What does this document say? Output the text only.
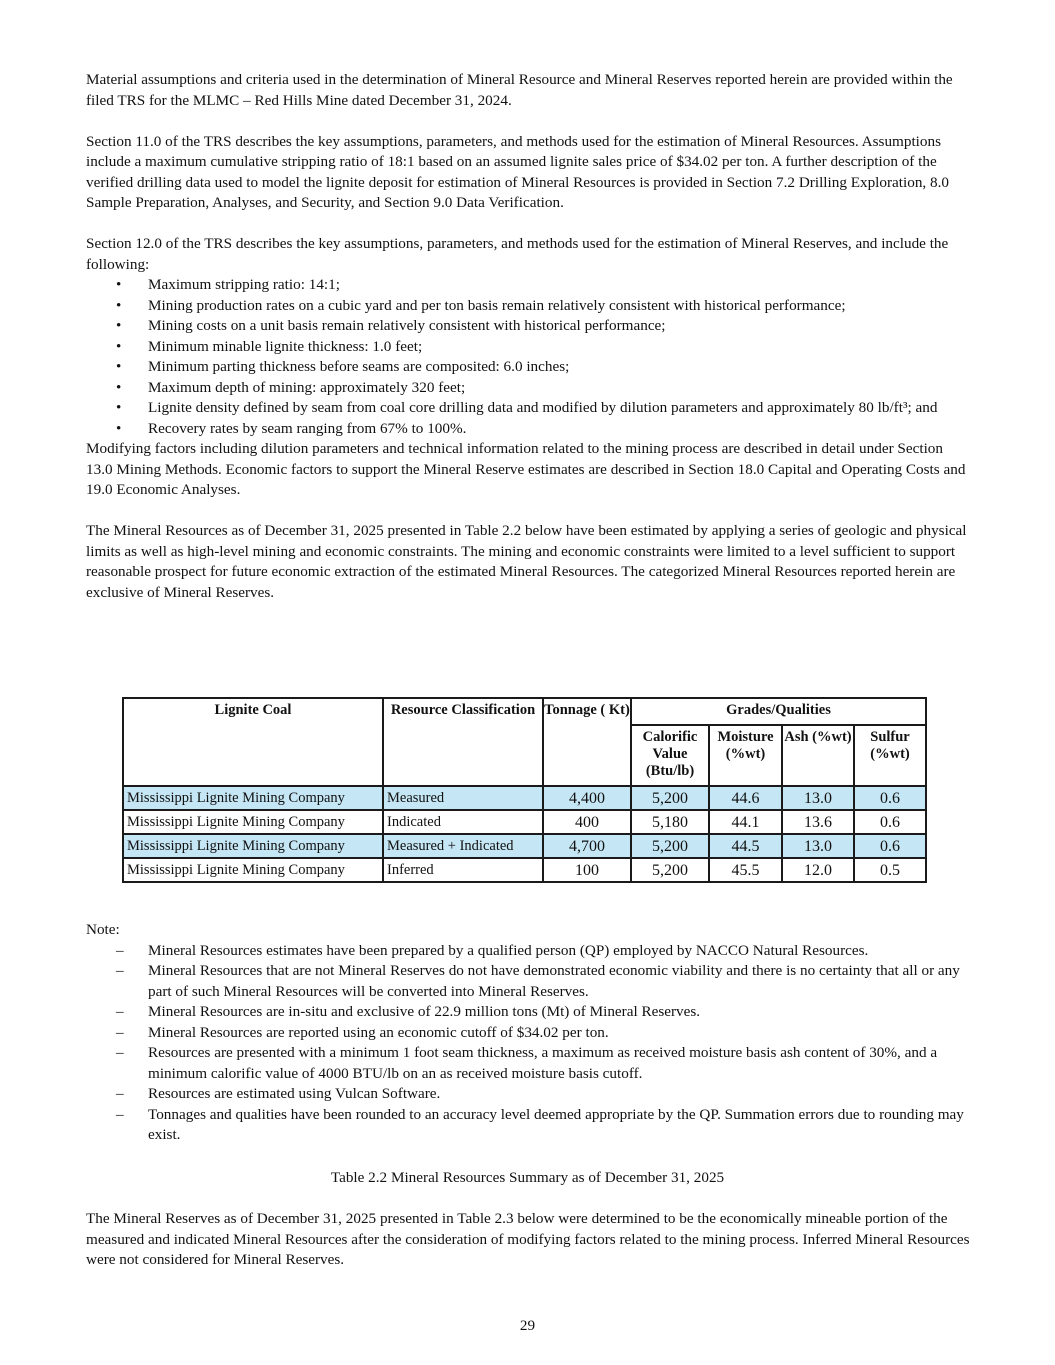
Material assumptions and criteria used in the determination of Mineral Resource and Mineral Reserves reported herein are provided within the filed TRS for the MLMC – Red Hills Mine dated December 31, 2024.

Section 11.0 of the TRS describes the key assumptions, parameters, and methods used for the estimation of Mineral Resources. Assumptions include a maximum cumulative stripping ratio of 18:1 based on an assumed lignite sales price of $34.02 per ton. A further description of the verified drilling data used to model the lignite deposit for estimation of Mineral Resources is provided in Section 7.2 Drilling Exploration, 8.0 Sample Preparation, Analyses, and Security, and Section 9.0 Data Verification.

Section 12.0 of the TRS describes the key assumptions, parameters, and methods used for the estimation of Mineral Reserves, and include the following:

• Maximum stripping ratio: 14:1;
• Mining production rates on a cubic yard and per ton basis remain relatively consistent with historical performance;
• Mining costs on a unit basis remain relatively consistent with historical performance;
• Minimum minable lignite thickness: 1.0 feet;
• Minimum parting thickness before seams are composited: 6.0 inches;
• Maximum depth of mining: approximately 320 feet;
• Lignite density defined by seam from coal core drilling data and modified by dilution parameters and approximately 80 lb/ft³; and
• Recovery rates by seam ranging from 67% to 100%.

Modifying factors including dilution parameters and technical information related to the mining process are described in detail under Section 13.0 Mining Methods. Economic factors to support the Mineral Reserve estimates are described in Section 18.0 Capital and Operating Costs and 19.0 Economic Analyses.

The Mineral Resources as of December 31, 2025 presented in Table 2.2 below have been estimated by applying a series of geologic and physical limits as well as high-level mining and economic constraints. The mining and economic constraints were limited to a level sufficient to support reasonable prospect for future economic extraction of the estimated Mineral Resources. The categorized Mineral Resources reported herein are exclusive of Mineral Reserves.

Lignite Coal	Resource Classification	Tonnage ( Kt)	Grades/Qualities			
			Calorific Value (Btu/lb)	Moisture (%wt)	Ash (%wt)	Sulfur (%wt)
Mississippi Lignite Mining Company	Measured	4,400	5,200	44.6	13.0	0.6
Mississippi Lignite Mining Company	Indicated	400	5,180	44.1	13.6	0.6
Mississippi Lignite Mining Company	Measured + Indicated	4,700	5,200	44.5	13.0	0.6
Mississippi Lignite Mining Company	Inferred	100	5,200	45.5	12.0	0.5

Note:

– Mineral Resources estimates have been prepared by a qualified person (QP) employed by NACCO Natural Resources.
– Mineral Resources that are not Mineral Reserves do not have demonstrated economic viability and there is no certainty that all or any part of such Mineral Resources will be converted into Mineral Reserves.
– Mineral Resources are in-situ and exclusive of 22.9 million tons (Mt) of Mineral Reserves.
– Mineral Resources are reported using an economic cutoff of $34.02 per ton.
– Resources are presented with a minimum 1 foot seam thickness, a maximum as received moisture basis ash content of 30%, and a minimum calorific value of 4000 BTU/lb on an as received moisture basis cutoff.
– Resources are estimated using Vulcan Software.
– Tonnages and qualities have been rounded to an accuracy level deemed appropriate by the QP. Summation errors due to rounding may exist.

Table 2.2 Mineral Resources Summary as of December 31, 2025

The Mineral Reserves as of December 31, 2025 presented in Table 2.3 below were determined to be the economically mineable portion of the measured and indicated Mineral Resources after the consideration of modifying factors related to the mining process. Inferred Mineral Resources were not considered for Mineral Reserves.

29
